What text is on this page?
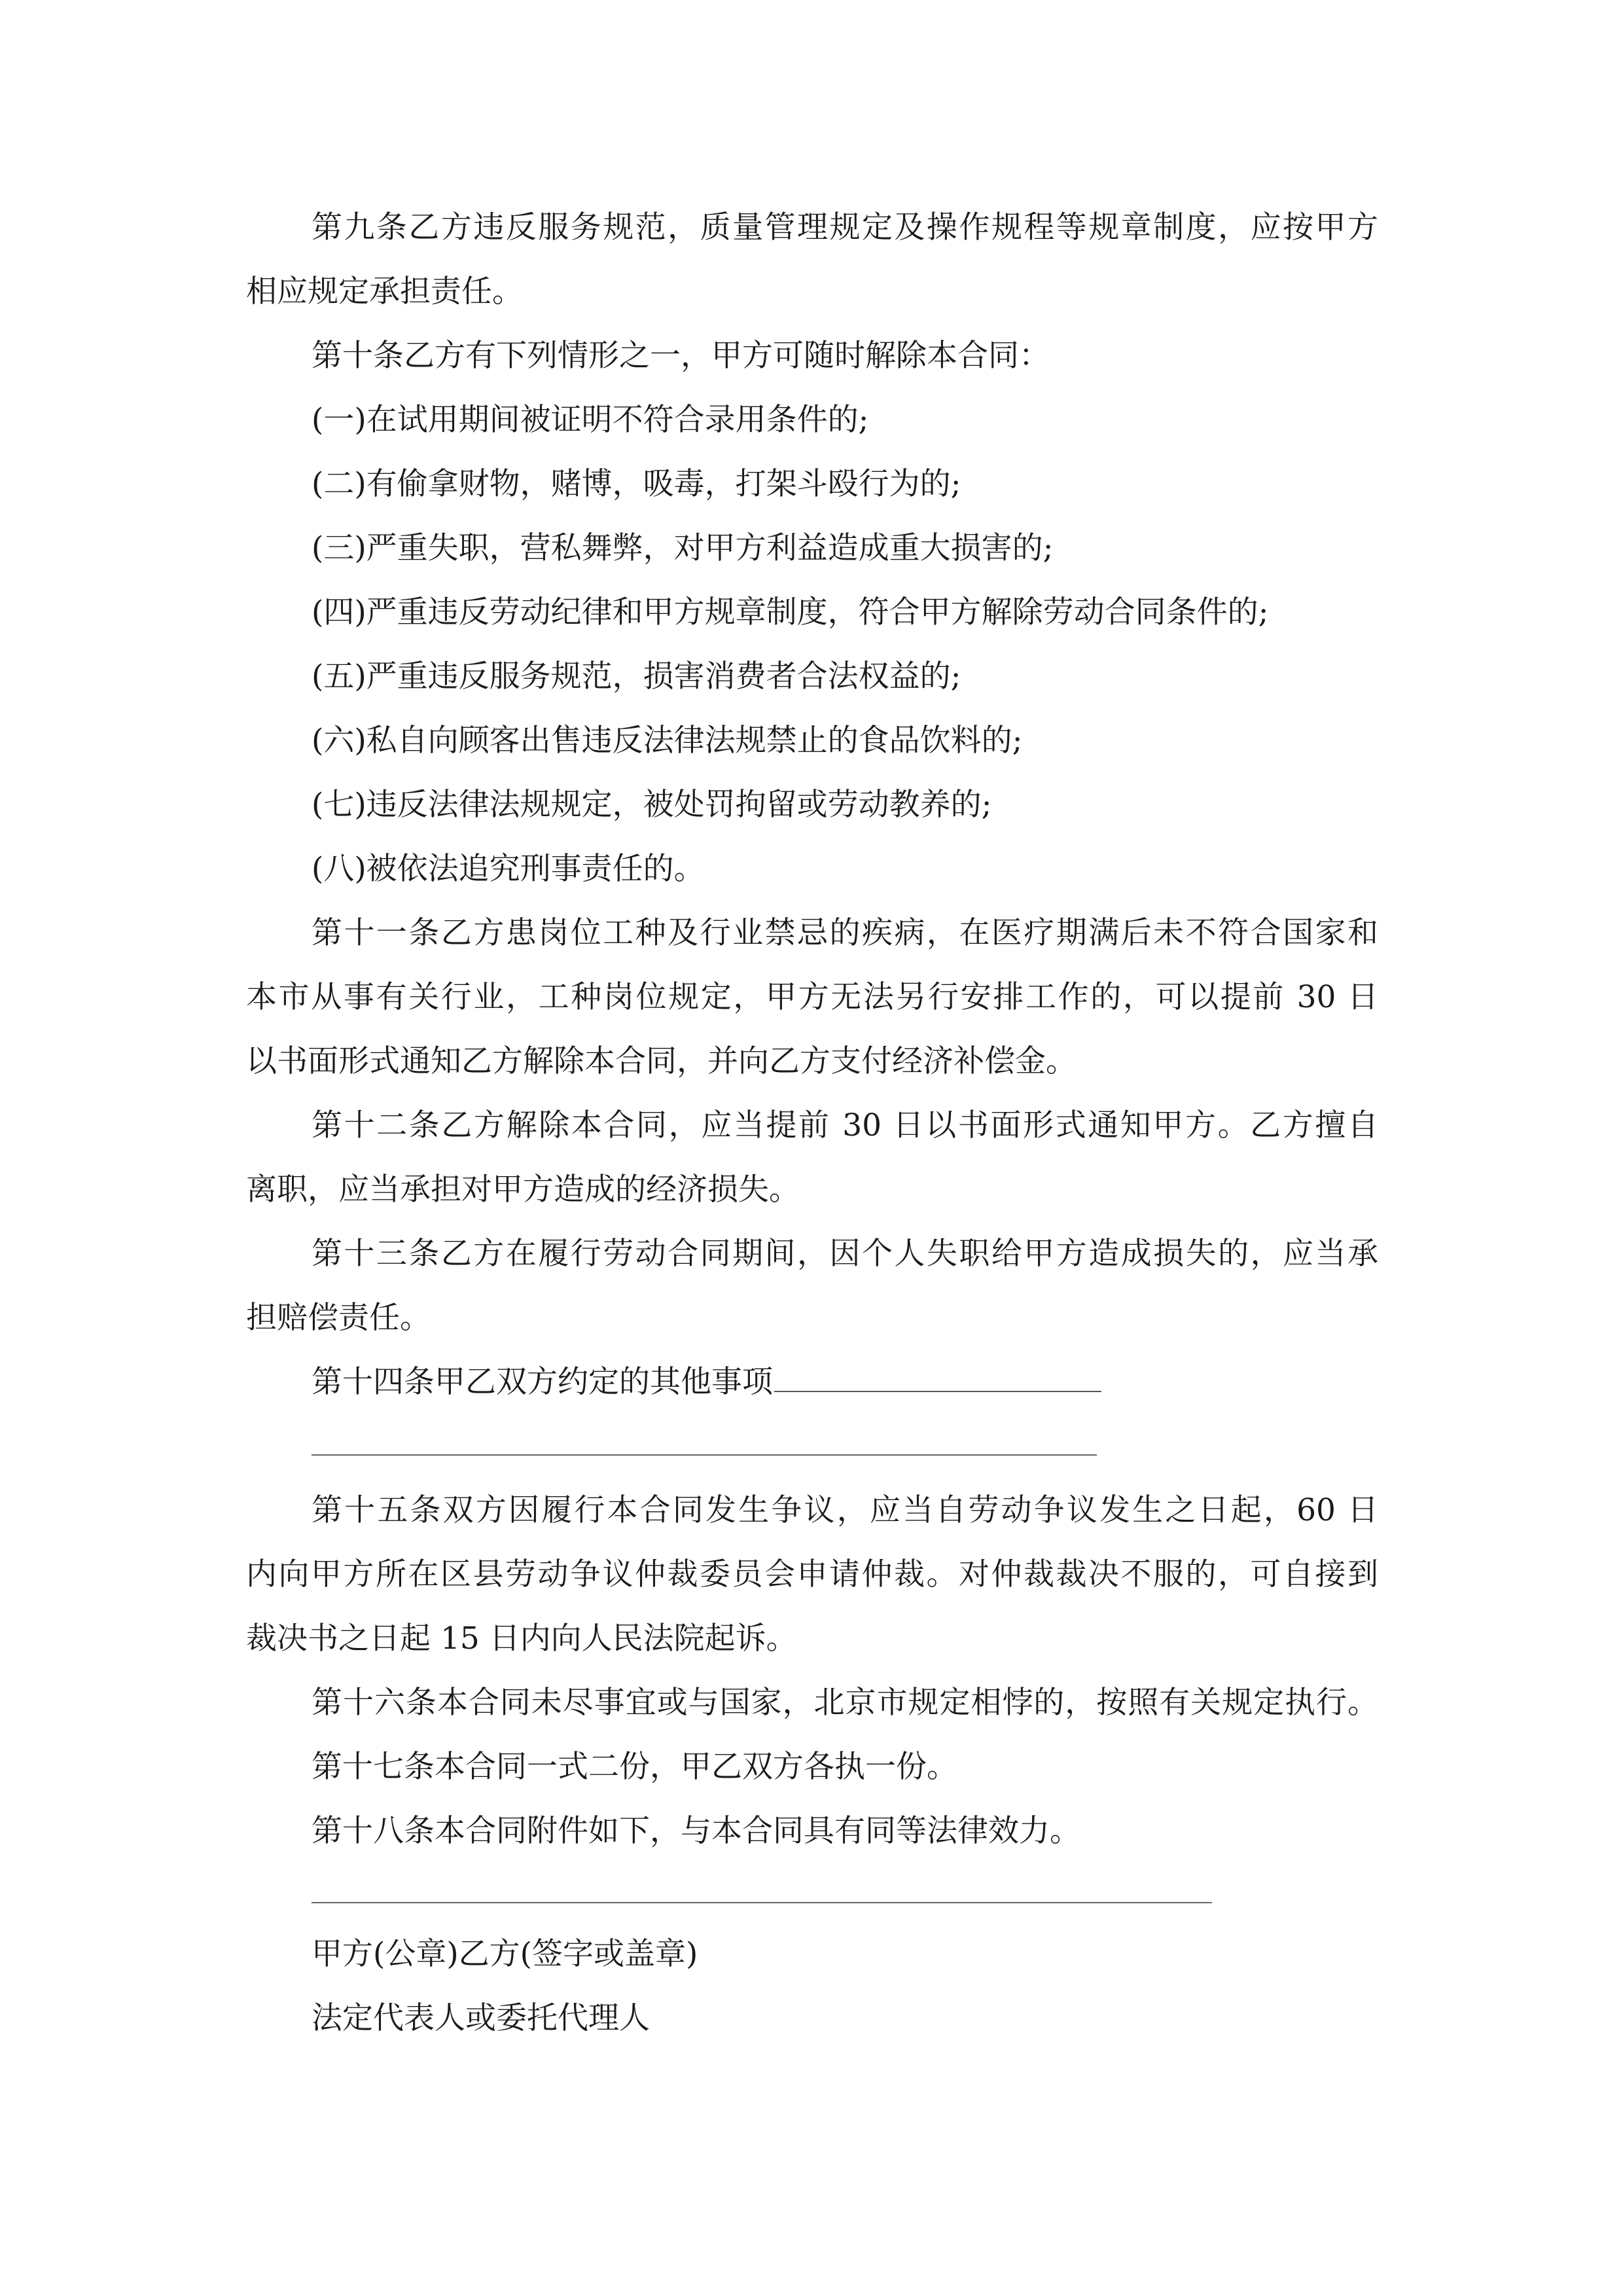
第九条乙方违反服务规范，质量管理规定及操作规程等规章制度，应按甲方

相应规定承担责任。

第十条乙方有下列情形之一，甲方可随时解除本合同：

(一)在试用期间被证明不符合录用条件的;

(二)有偷拿财物，赌博，吸毒，打架斗殴行为的;

(三)严重失职，营私舞弊，对甲方利益造成重大损害的;

(四)严重违反劳动纪律和甲方规章制度，符合甲方解除劳动合同条件的;

(五)严重违反服务规范，损害消费者合法权益的;

(六)私自向顾客出售违反法律法规禁止的食品饮料的;

(七)违反法律法规规定，被处罚拘留或劳动教养的;

(八)被依法追究刑事责任的。

第十一条乙方患岗位工种及行业禁忌的疾病，在医疗期满后未不符合国家和

本市从事有关行业，工种岗位规定，甲方无法另行安排工作的，可以提前 30 日

以书面形式通知乙方解除本合同，并向乙方支付经济补偿金。

第十二条乙方解除本合同，应当提前 30 日以书面形式通知甲方。乙方擅自

离职，应当承担对甲方造成的经济损失。

第十三条乙方在履行劳动合同期间，因个人失职给甲方造成损失的，应当承

担赔偿责任。

第十四条甲乙双方约定的其他事项

第十五条双方因履行本合同发生争议，应当自劳动争议发生之日起，60 日

内向甲方所在区县劳动争议仲裁委员会申请仲裁。对仲裁裁决不服的，可自接到

裁决书之日起 15 日内向人民法院起诉。

第十六条本合同未尽事宜或与国家，北京市规定相悖的，按照有关规定执行。

第十七条本合同一式二份，甲乙双方各执一份。

第十八条本合同附件如下，与本合同具有同等法律效力。

甲方(公章)乙方(签字或盖章)

法定代表人或委托代理人
